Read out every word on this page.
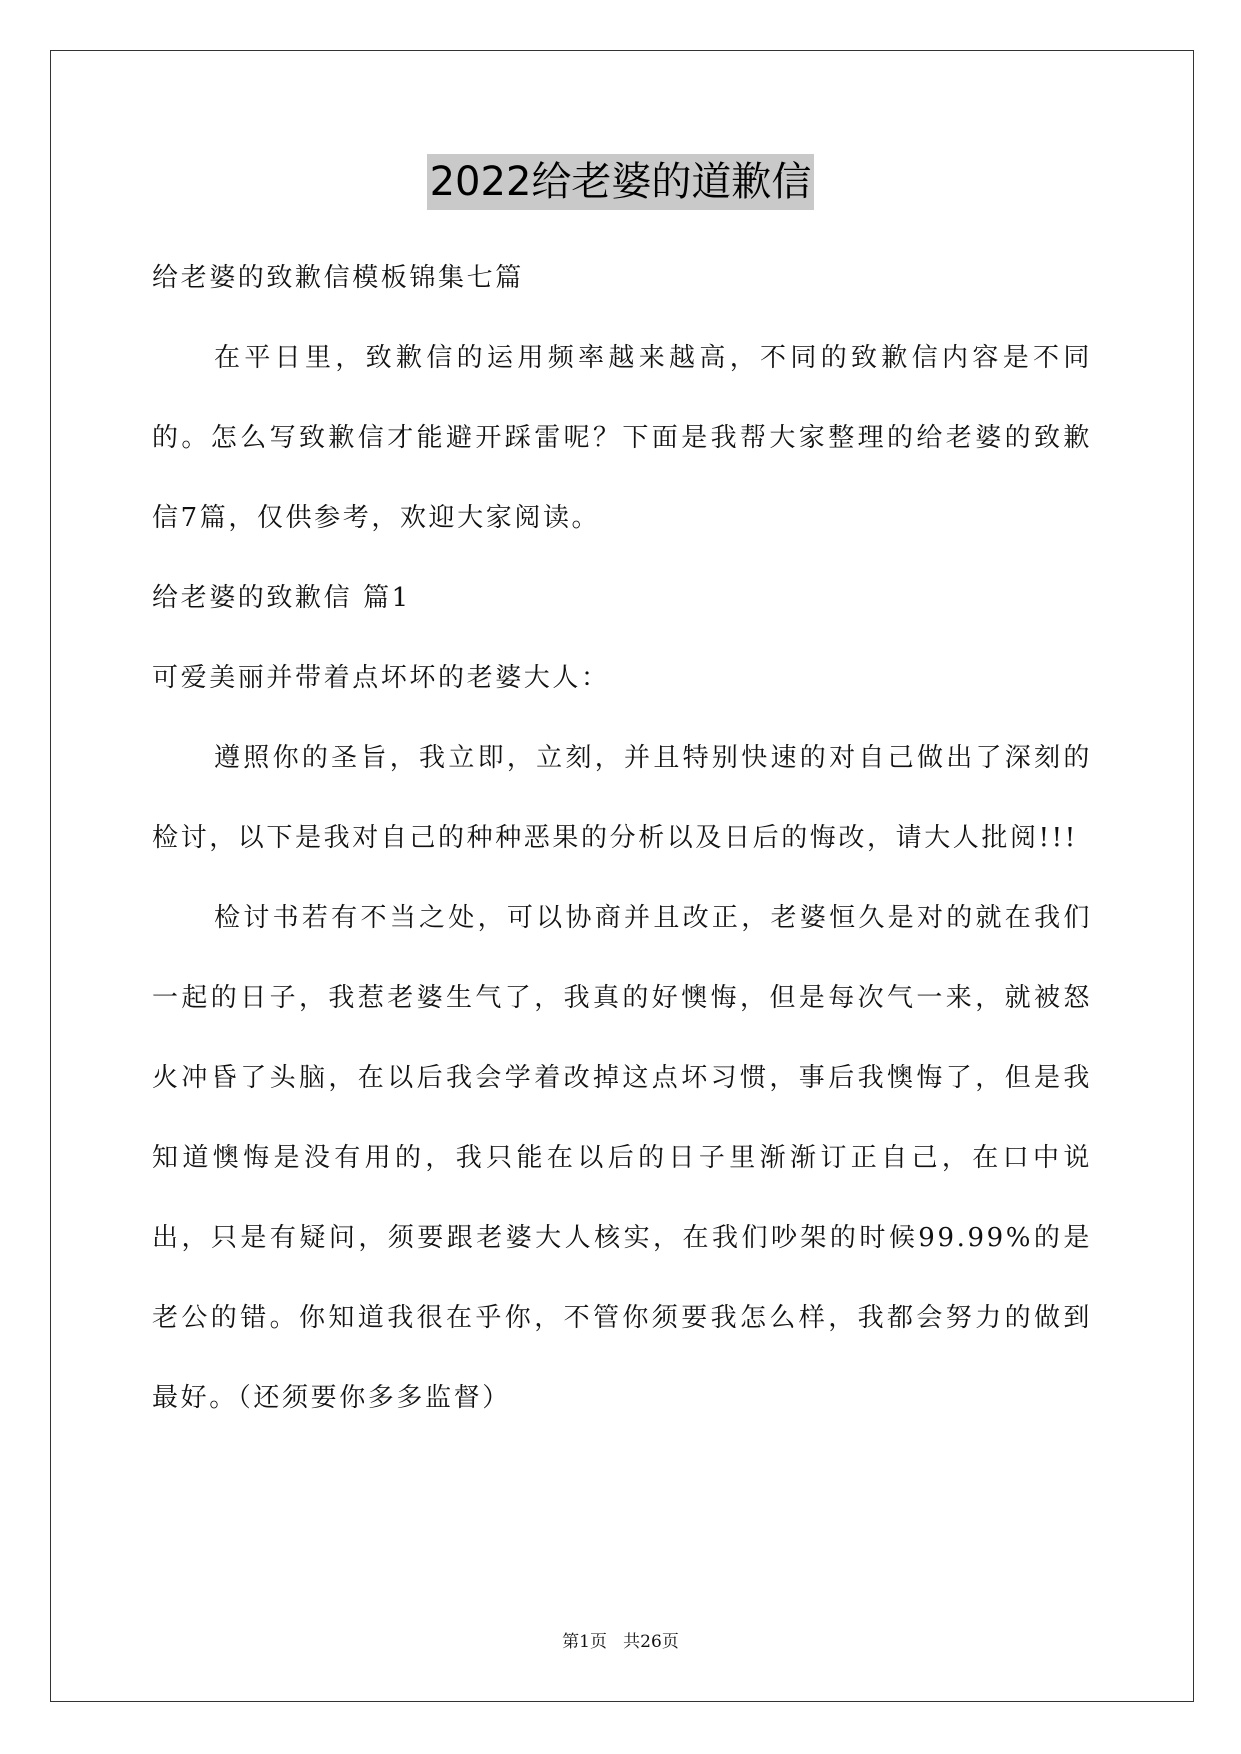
2022给老婆的道歉信

给老婆的致歉信模板锦集七篇

在平日里，致歉信的运用频率越来越高，不同的致歉信内容是不同的。怎么写致歉信才能避开踩雷呢？下面是我帮大家整理的给老婆的致歉信7篇，仅供参考，欢迎大家阅读。

给老婆的致歉信 篇1

可爱美丽并带着点坏坏的老婆大人：

遵照你的圣旨，我立即，立刻，并且特别快速的对自己做出了深刻的检讨，以下是我对自己的种种恶果的分析以及日后的悔改，请大人批阅!!!

检讨书若有不当之处，可以协商并且改正，老婆恒久是对的就在我们一起的日子，我惹老婆生气了，我真的好懊悔，但是每次气一来，就被怒火冲昏了头脑，在以后我会学着改掉这点坏习惯，事后我懊悔了，但是我知道懊悔是没有用的，我只能在以后的日子里渐渐订正自己，在口中说出，只是有疑问，须要跟老婆大人核实，在我们吵架的时候99.99%的是老公的错。你知道我很在乎你，不管你须要我怎么样，我都会努力的做到最好。（还须要你多多监督）

第1页   共26页
